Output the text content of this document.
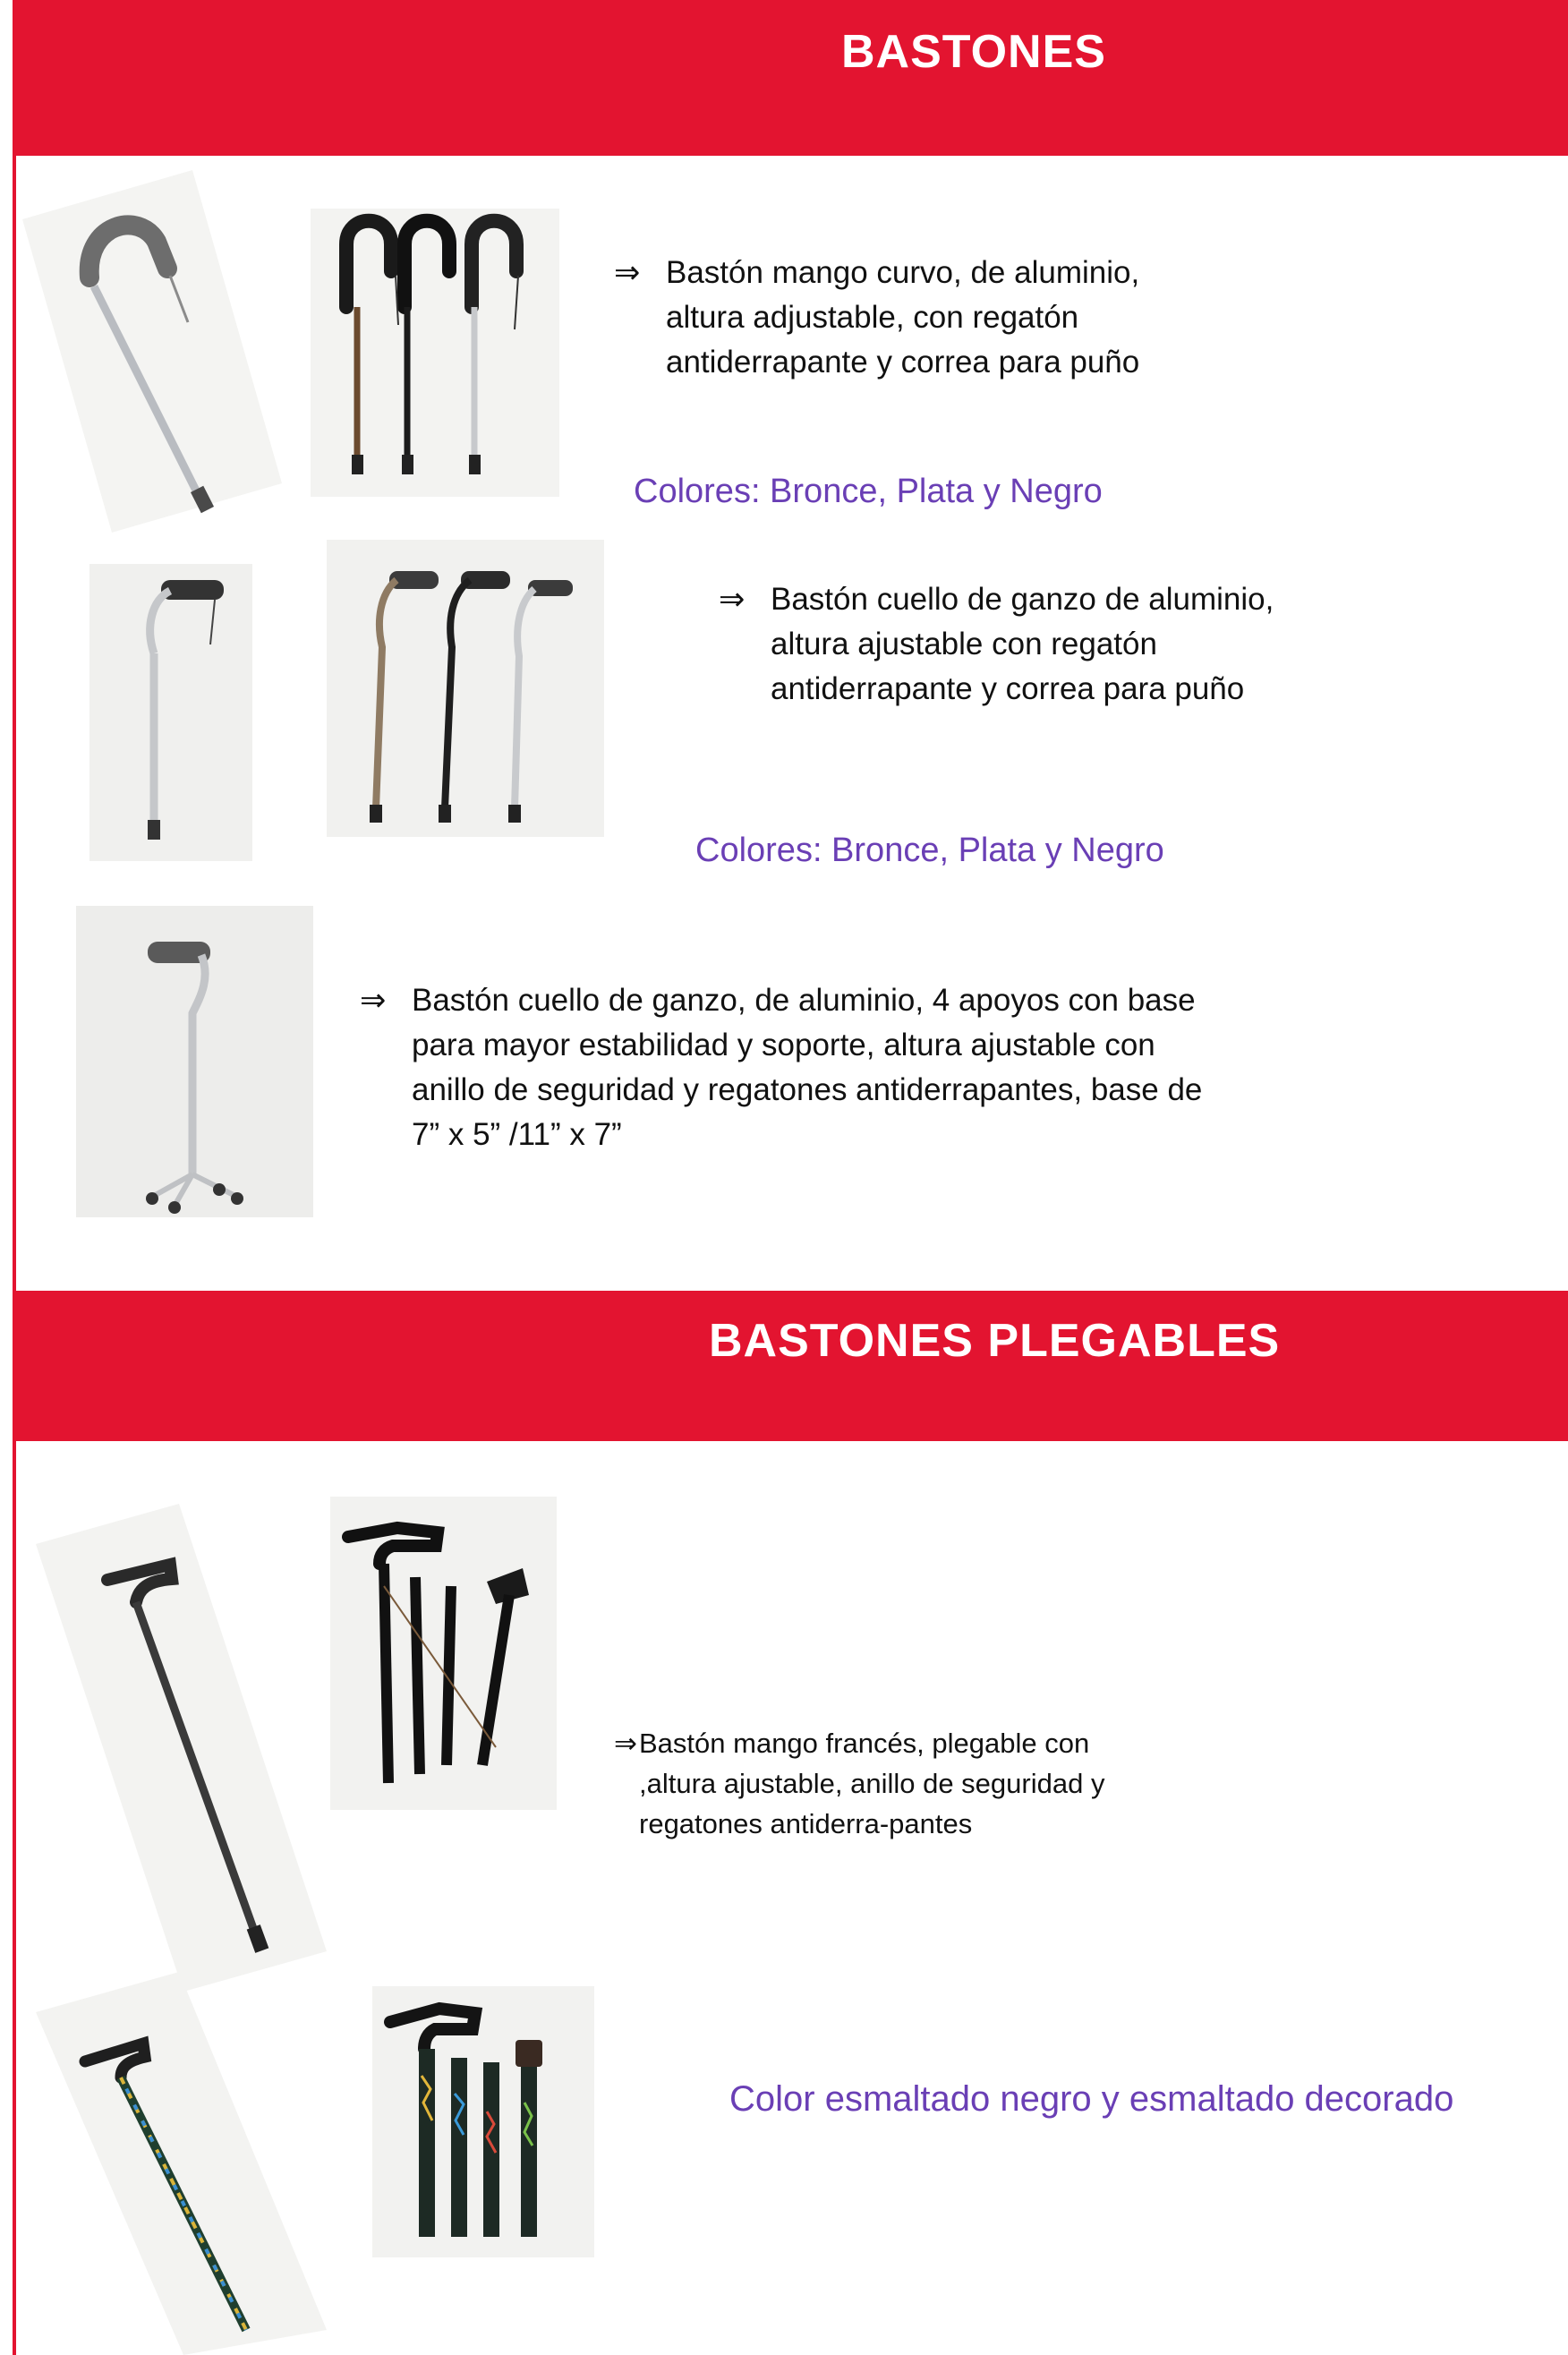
BASTONES
⇒ Bastón mango curvo, de aluminio, altura adjustable, con regatón antiderrapante y correa para puño
Colores: Bronce, Plata y Negro
⇒ Bastón cuello de ganzo de aluminio, altura ajustable con regatón antiderrapante y correa para puño
Colores: Bronce, Plata y Negro
⇒ Bastón cuello de ganzo, de aluminio, 4 apoyos con base para mayor estabilidad y soporte, altura ajustable con anillo de seguridad y regatones antiderrapantes, base de 7” x 5” /11” x 7”
BASTONES PLEGABLES
⇒ Bastón mango francés, plegable con ,altura ajustable, anillo de seguridad y regatones antiderra-pantes
Color esmaltado negro y esmaltado decorado
